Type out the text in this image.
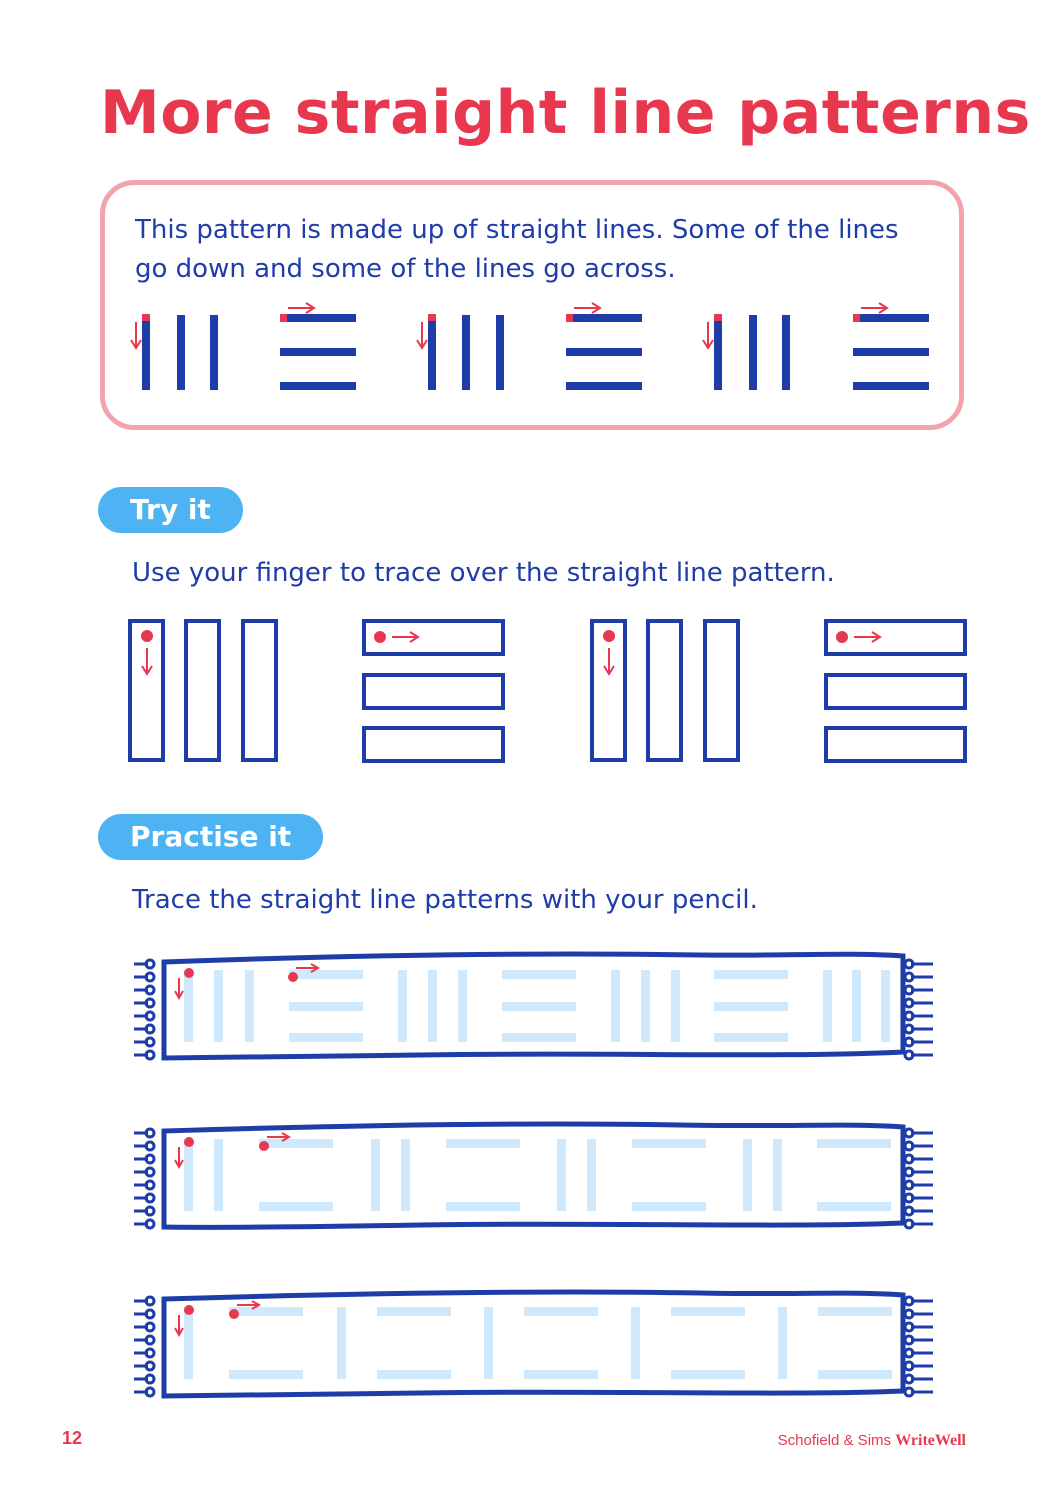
More straight line patterns

This pattern is made up of straight lines. Some of the lines go down and some of the lines go across.

Try it

Use your finger to trace over the straight line pattern.

Practise it

Trace the straight line patterns with your pencil.

12	Schofield & Sims WriteWell
